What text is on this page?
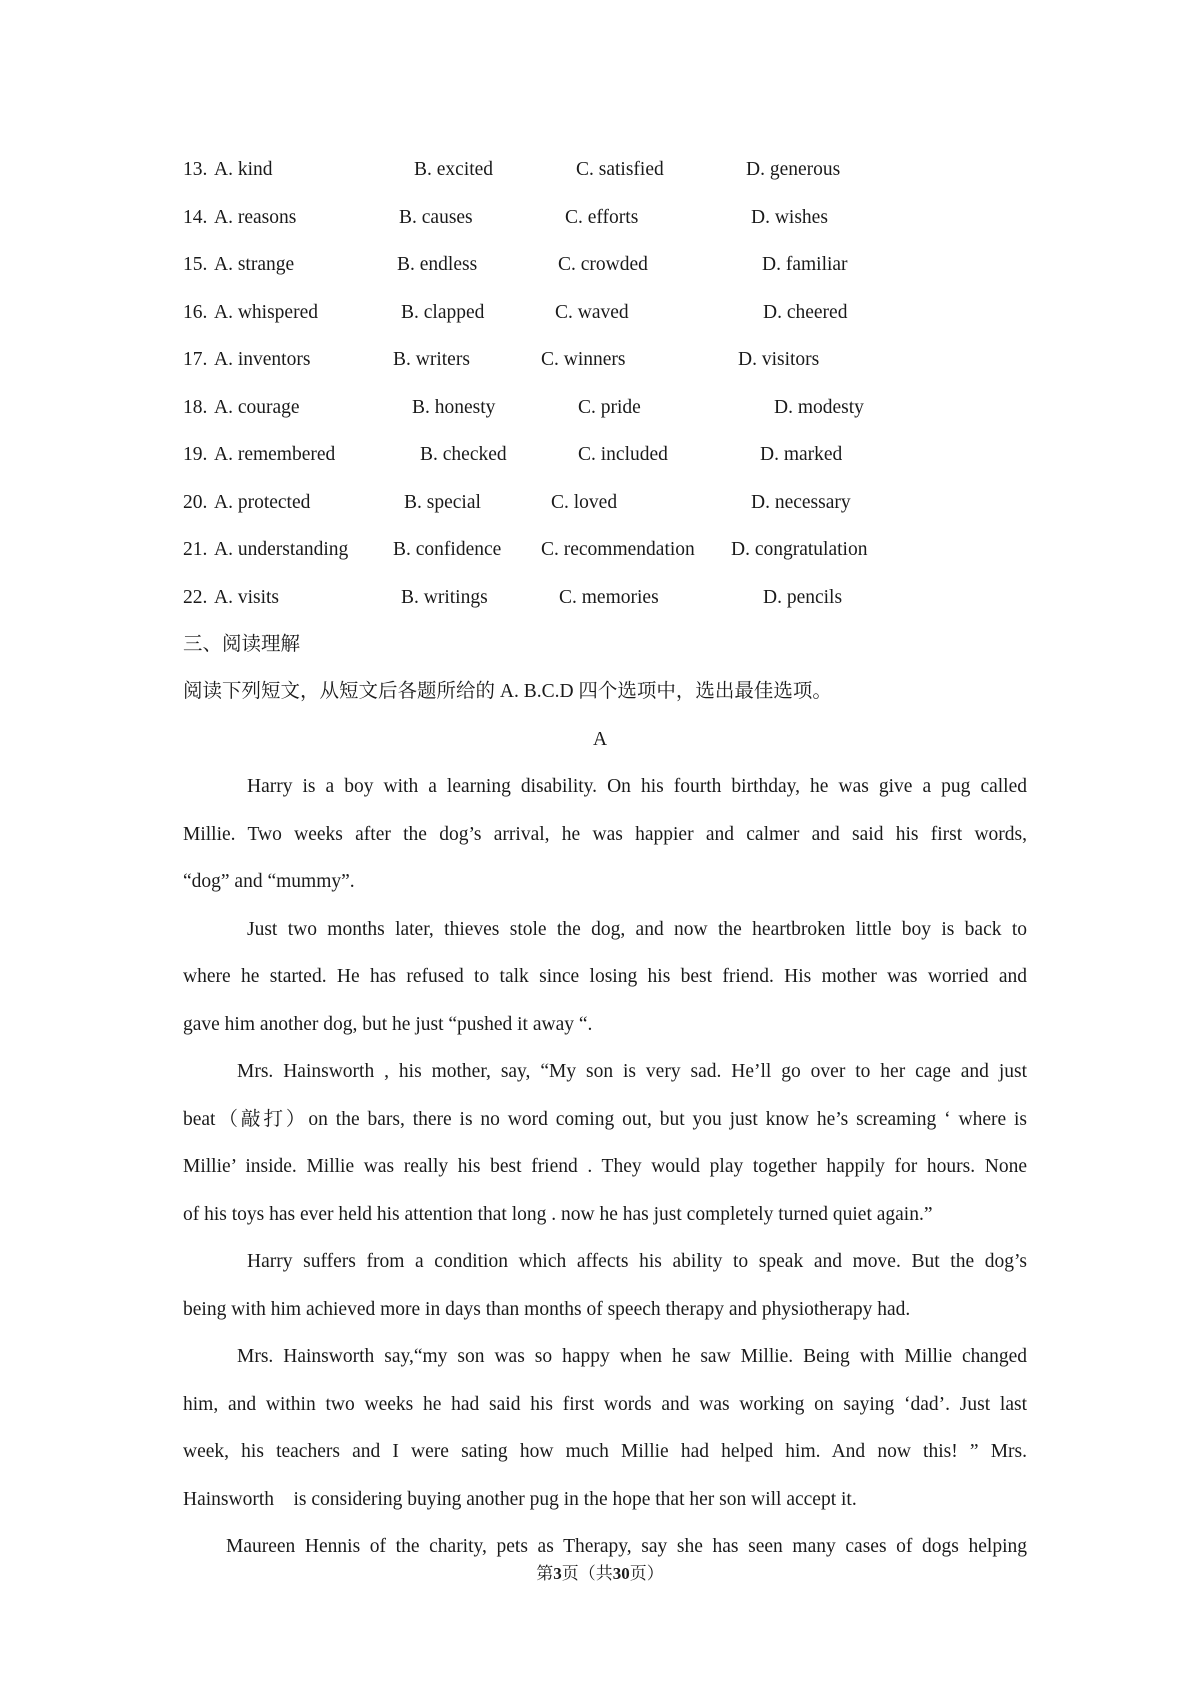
13. A. kind	B. excited	C. satisfied	D. generous
14. A. reasons	B. causes	C. efforts	D. wishes
15. A. strange	B. endless	C. crowded	D. familiar
16. A. whispered	B. clapped	C. waved	D. cheered
17. A. inventors	B. writers	C. winners	D. visitors
18. A. courage	B. honesty	C. pride	D. modesty
19. A. remembered	B. checked	C. included	D. marked
20. A. protected	B. special	C. loved	D. necessary
21. A. understanding B. confidence C. recommendation D. congratulation
22. A. visits	B. writings	C. memories	D. pencils
三、阅读理解
阅读下列短文，从短文后各题所给的 A. B.C.D 四个选项中，选出最佳选项。
A
Harry is a boy with a learning disability. On his fourth birthday, he was give a pug called
Millie. Two weeks after the dog’s arrival, he was happier and calmer and said his first words,
“dog” and “mummy”.
Just two months later, thieves stole the dog, and now the heartbroken little boy is back to
where he started. He has refused to talk since losing his best friend. His mother was worried and
gave him another dog, but he just “pushed it away “.
Mrs. Hainsworth , his mother, say, “My son is very sad. He’ll go over to her cage and just
beat（敲打）on the bars, there is no word coming out, but you just know he’s screaming ‘ where is
Millie’ inside. Millie was really his best friend . They would play together happily for hours. None
of his toys has ever held his attention that long . now he has just completely turned quiet again.”
Harry suffers from a condition which affects his ability to speak and move. But the dog’s
being with him achieved more in days than months of speech therapy and physiotherapy had.
Mrs. Hainsworth say,“my son was so happy when he saw Millie. Being with Millie changed
him, and within two weeks he had said his first words and was working on saying ‘dad’. Just last
week, his teachers and I were sating how much Millie had helped him. And now this! ” Mrs.
Hainsworth　is considering buying another pug in the hope that her son will accept it.
Maureen Hennis of the charity, pets as Therapy, say she has seen many cases of dogs helping
第3页（共30页）
